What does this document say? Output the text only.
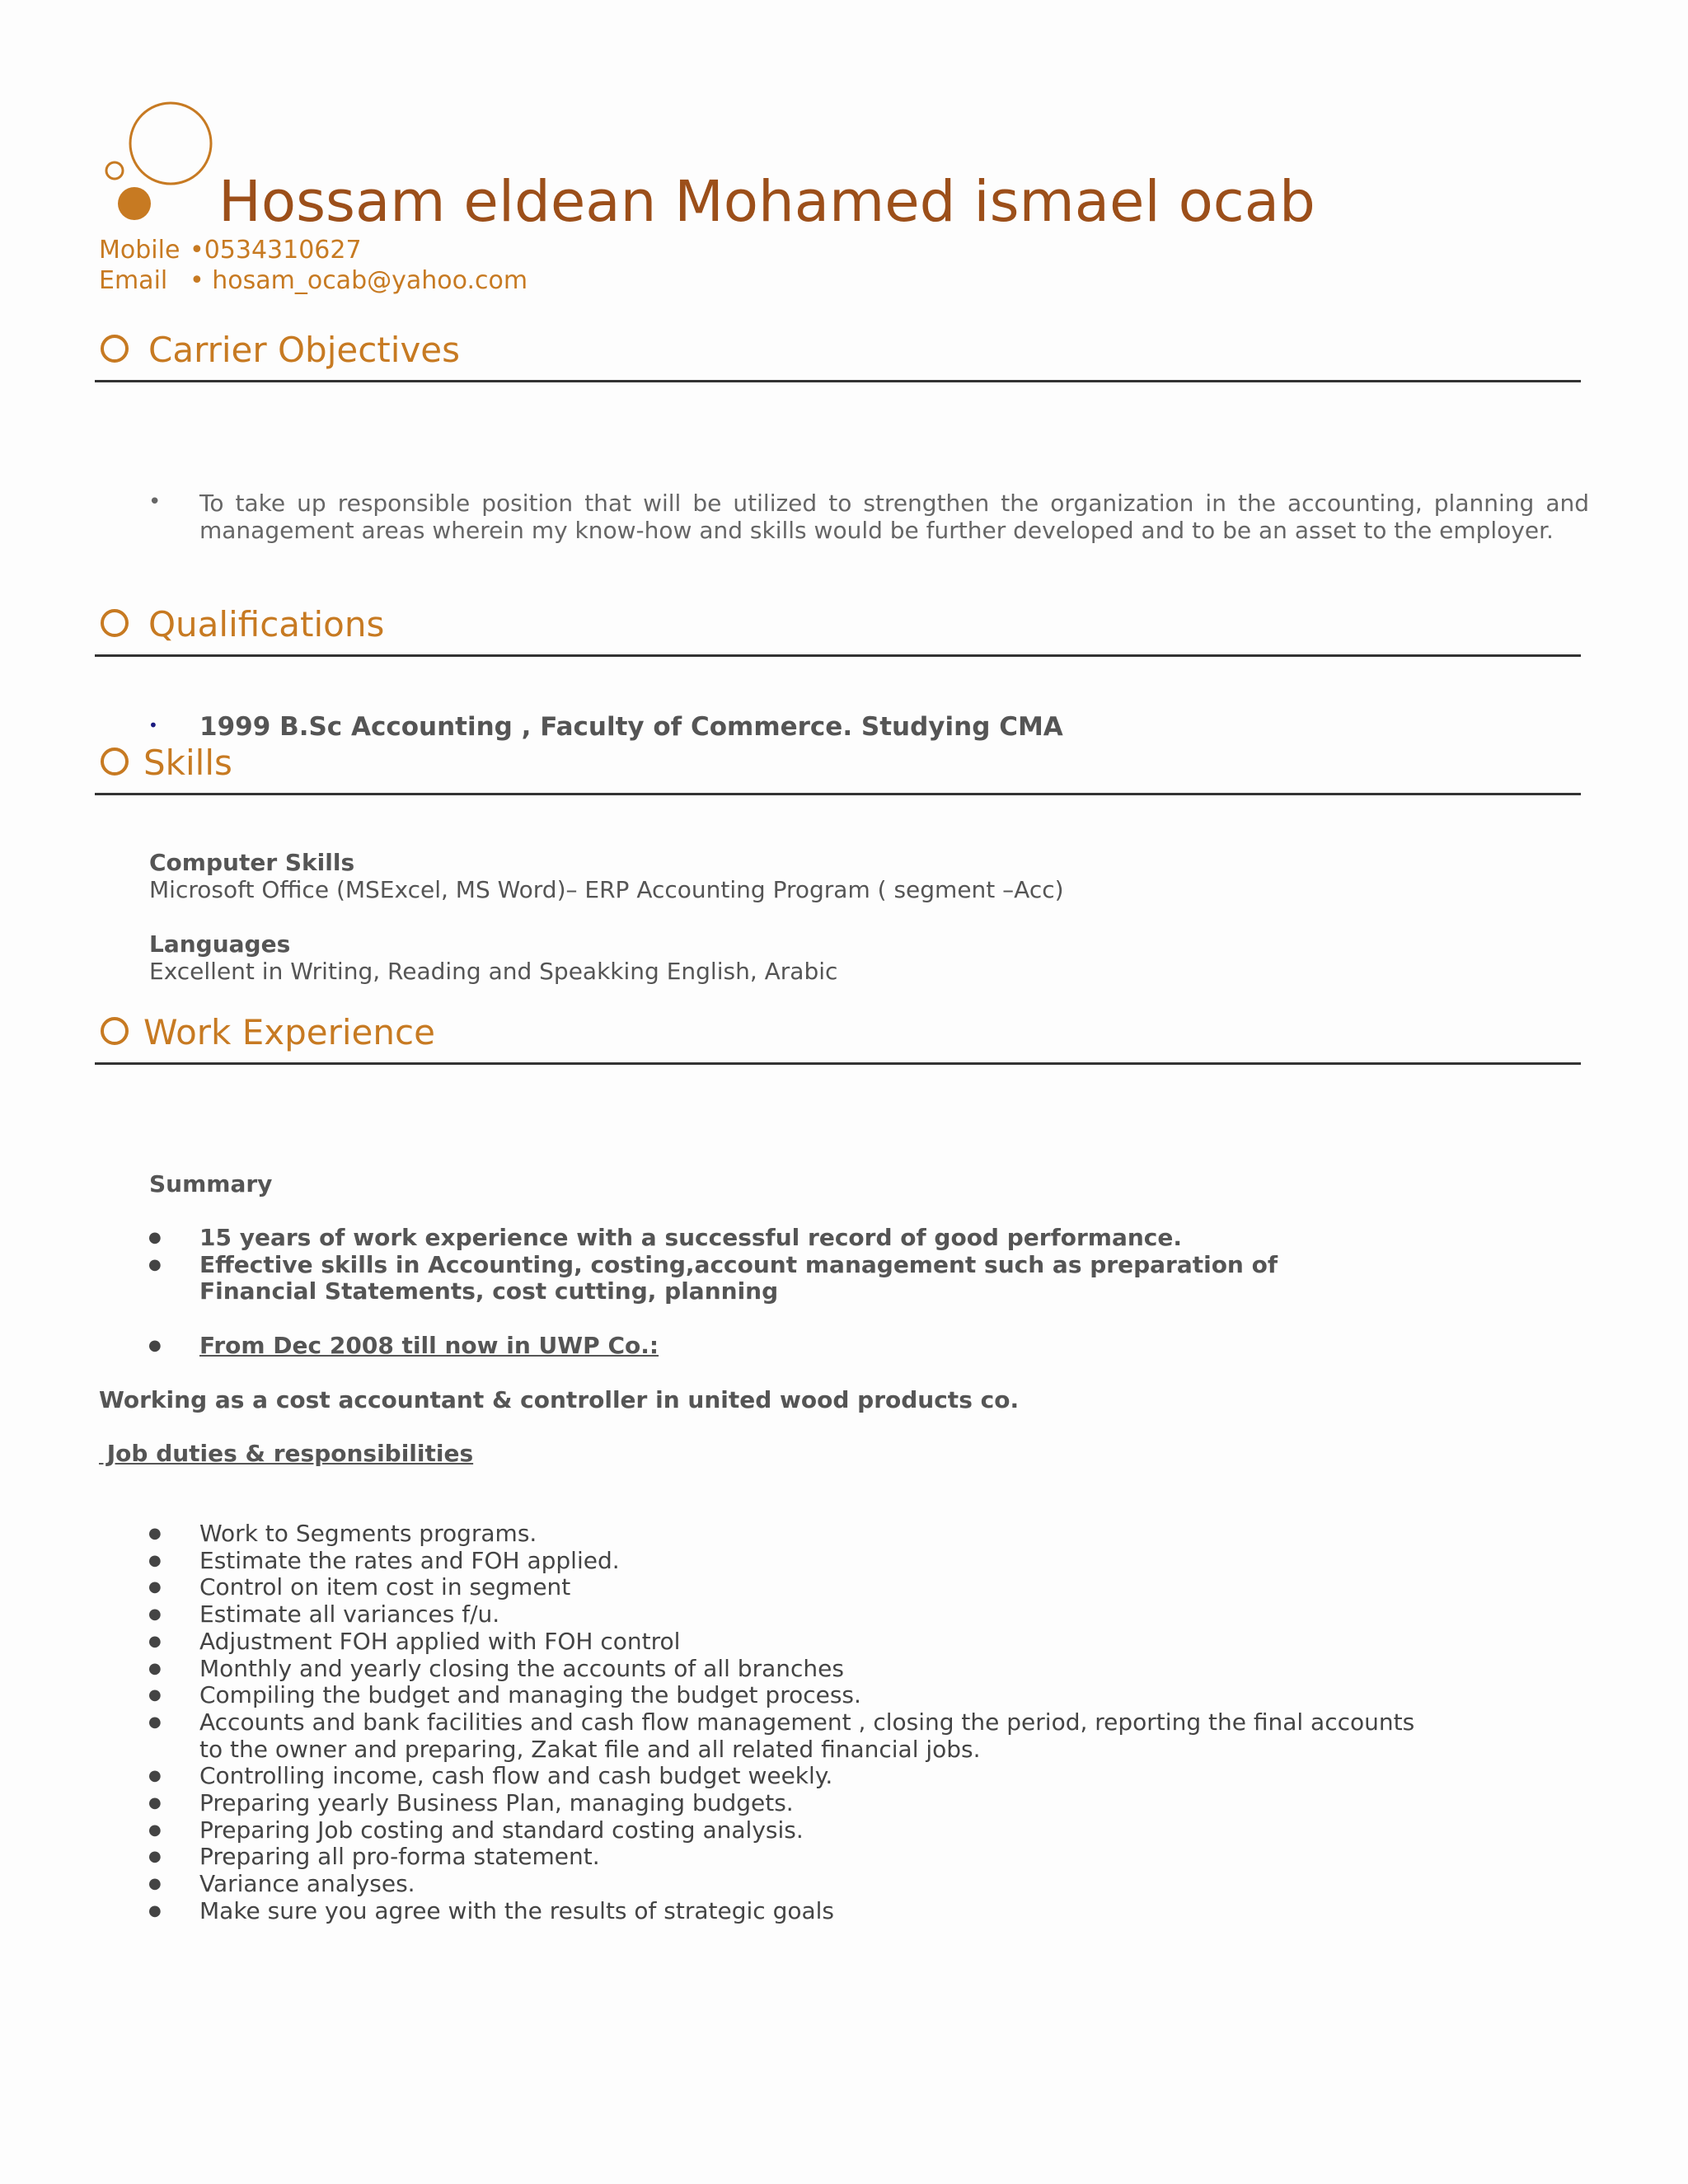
Hossam eldean Mohamed ismael ocab
Mobile •0534310627
Email • hosam_ocab@yahoo.com
Carrier Objectives
• To take up responsible position that will be utilized to strengthen the organization in the accounting, planning and management areas wherein my know-how and skills would be further developed and to be an asset to the employer.
Qualifications
• 1999 B.Sc Accounting , Faculty of Commerce. Studying CMA
Skills
Computer Skills
Microsoft Office (MSExcel, MS Word)– ERP Accounting Program ( segment –Acc)
Languages
Excellent in Writing, Reading and Speakking English, Arabic
Work Experience
Summary
● 15 years of work experience with a successful record of good performance.
● Effective skills in Accounting, costing,account management such as preparation of Financial Statements, cost cutting, planning
● From Dec 2008 till now in UWP Co.:
Working as a cost accountant & controller in united wood products co.
Job duties & responsibilities
● Work to Segments programs.
● Estimate the rates and FOH applied.
● Control on item cost in segment
● Estimate all variances f/u.
● Adjustment FOH applied with FOH control
● Monthly and yearly closing the accounts of all branches
● Compiling the budget and managing the budget process.
● Accounts and bank facilities and cash flow management , closing the period, reporting the final accounts to the owner and preparing, Zakat file and all related financial jobs.
● Controlling income, cash flow and cash budget weekly.
● Preparing yearly Business Plan, managing budgets.
● Preparing Job costing and standard costing analysis.
● Preparing all pro-forma statement.
● Variance analyses.
● Make sure you agree with the results of strategic goals
